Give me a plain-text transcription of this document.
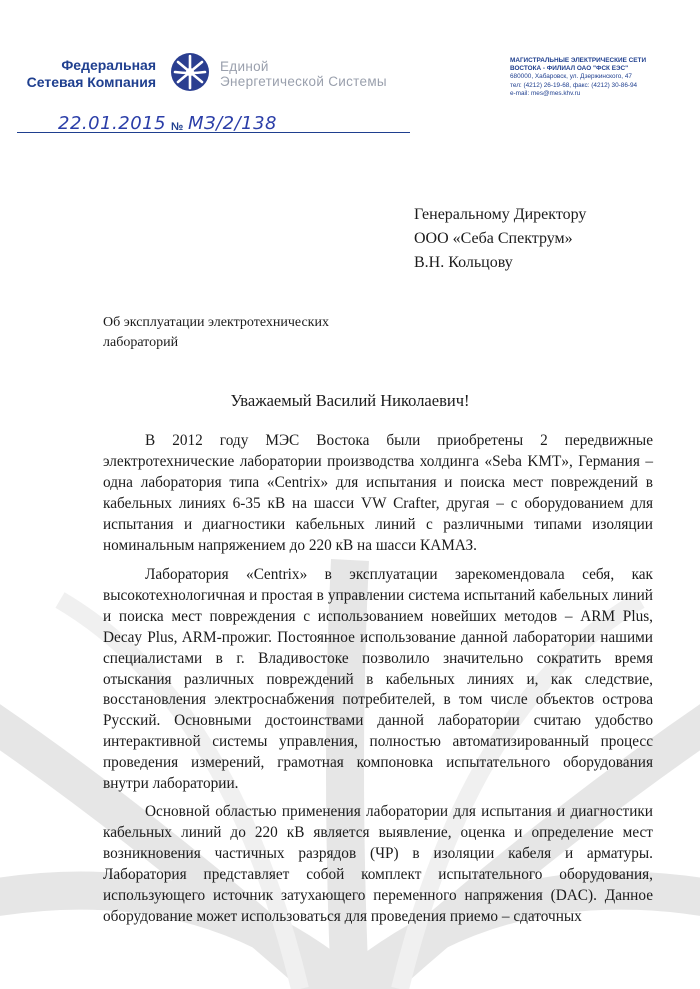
Федеральная
Сетевая Компания
Единой
Энергетической Системы
МАГИСТРАЛЬНЫЕ ЭЛЕКТРИЧЕСКИЕ СЕТИ
ВОСТОКА - ФИЛИАЛ ОАО "ФСК ЕЭС"
680000, Хабаровск, ул. Дзержинского, 47
тел: (4212) 26-19-68, факс: (4212) 30-86-94
e-mail: mes@mes.khv.ru
22.01.2015 № МЗ/2/138
Генеральному Директору
ООО «Себа Спектрум»
В.Н. Кольцову
Об эксплуатации электротехнических
лабораторий
Уважаемый Василий Николаевич!

В 2012 году МЭС Востока были приобретены 2 передвижные электротехнические лаборатории производства холдинга «Seba KMT», Германия – одна лаборатория типа «Centrix» для испытания и поиска мест повреждений в кабельных линиях 6-35 кВ на шасси VW Crafter, другая – с оборудованием для испытания и диагностики кабельных линий с различными типами изоляции номинальным напряжением до 220 кВ на шасси КАМАЗ.

Лаборатория «Centrix» в эксплуатации зарекомендовала себя, как высокотехнологичная и простая в управлении система испытаний кабельных линий и поиска мест повреждения с использованием новейших методов – ARM Plus, Decay Plus, ARM-прожиг. Постоянное использование данной лаборатории нашими специалистами в г. Владивостоке позволило значительно сократить время отыскания различных повреждений в кабельных линиях и, как следствие, восстановления электроснабжения потребителей, в том числе объектов острова Русский. Основными достоинствами данной лаборатории считаю удобство интерактивной системы управления, полностью автоматизированный процесс проведения измерений, грамотная компоновка испытательного оборудования внутри лаборатории.

Основной областью применения лаборатории для испытания и диагностики кабельных линий до 220 кВ является выявление, оценка и определение мест возникновения частичных разрядов (ЧР) в изоляции кабеля и арматуры. Лаборатория представляет собой комплект испытательного оборудования, использующего источник затухающего переменного напряжения (DAC). Данное оборудование может использоваться для проведения приемо – сдаточных
